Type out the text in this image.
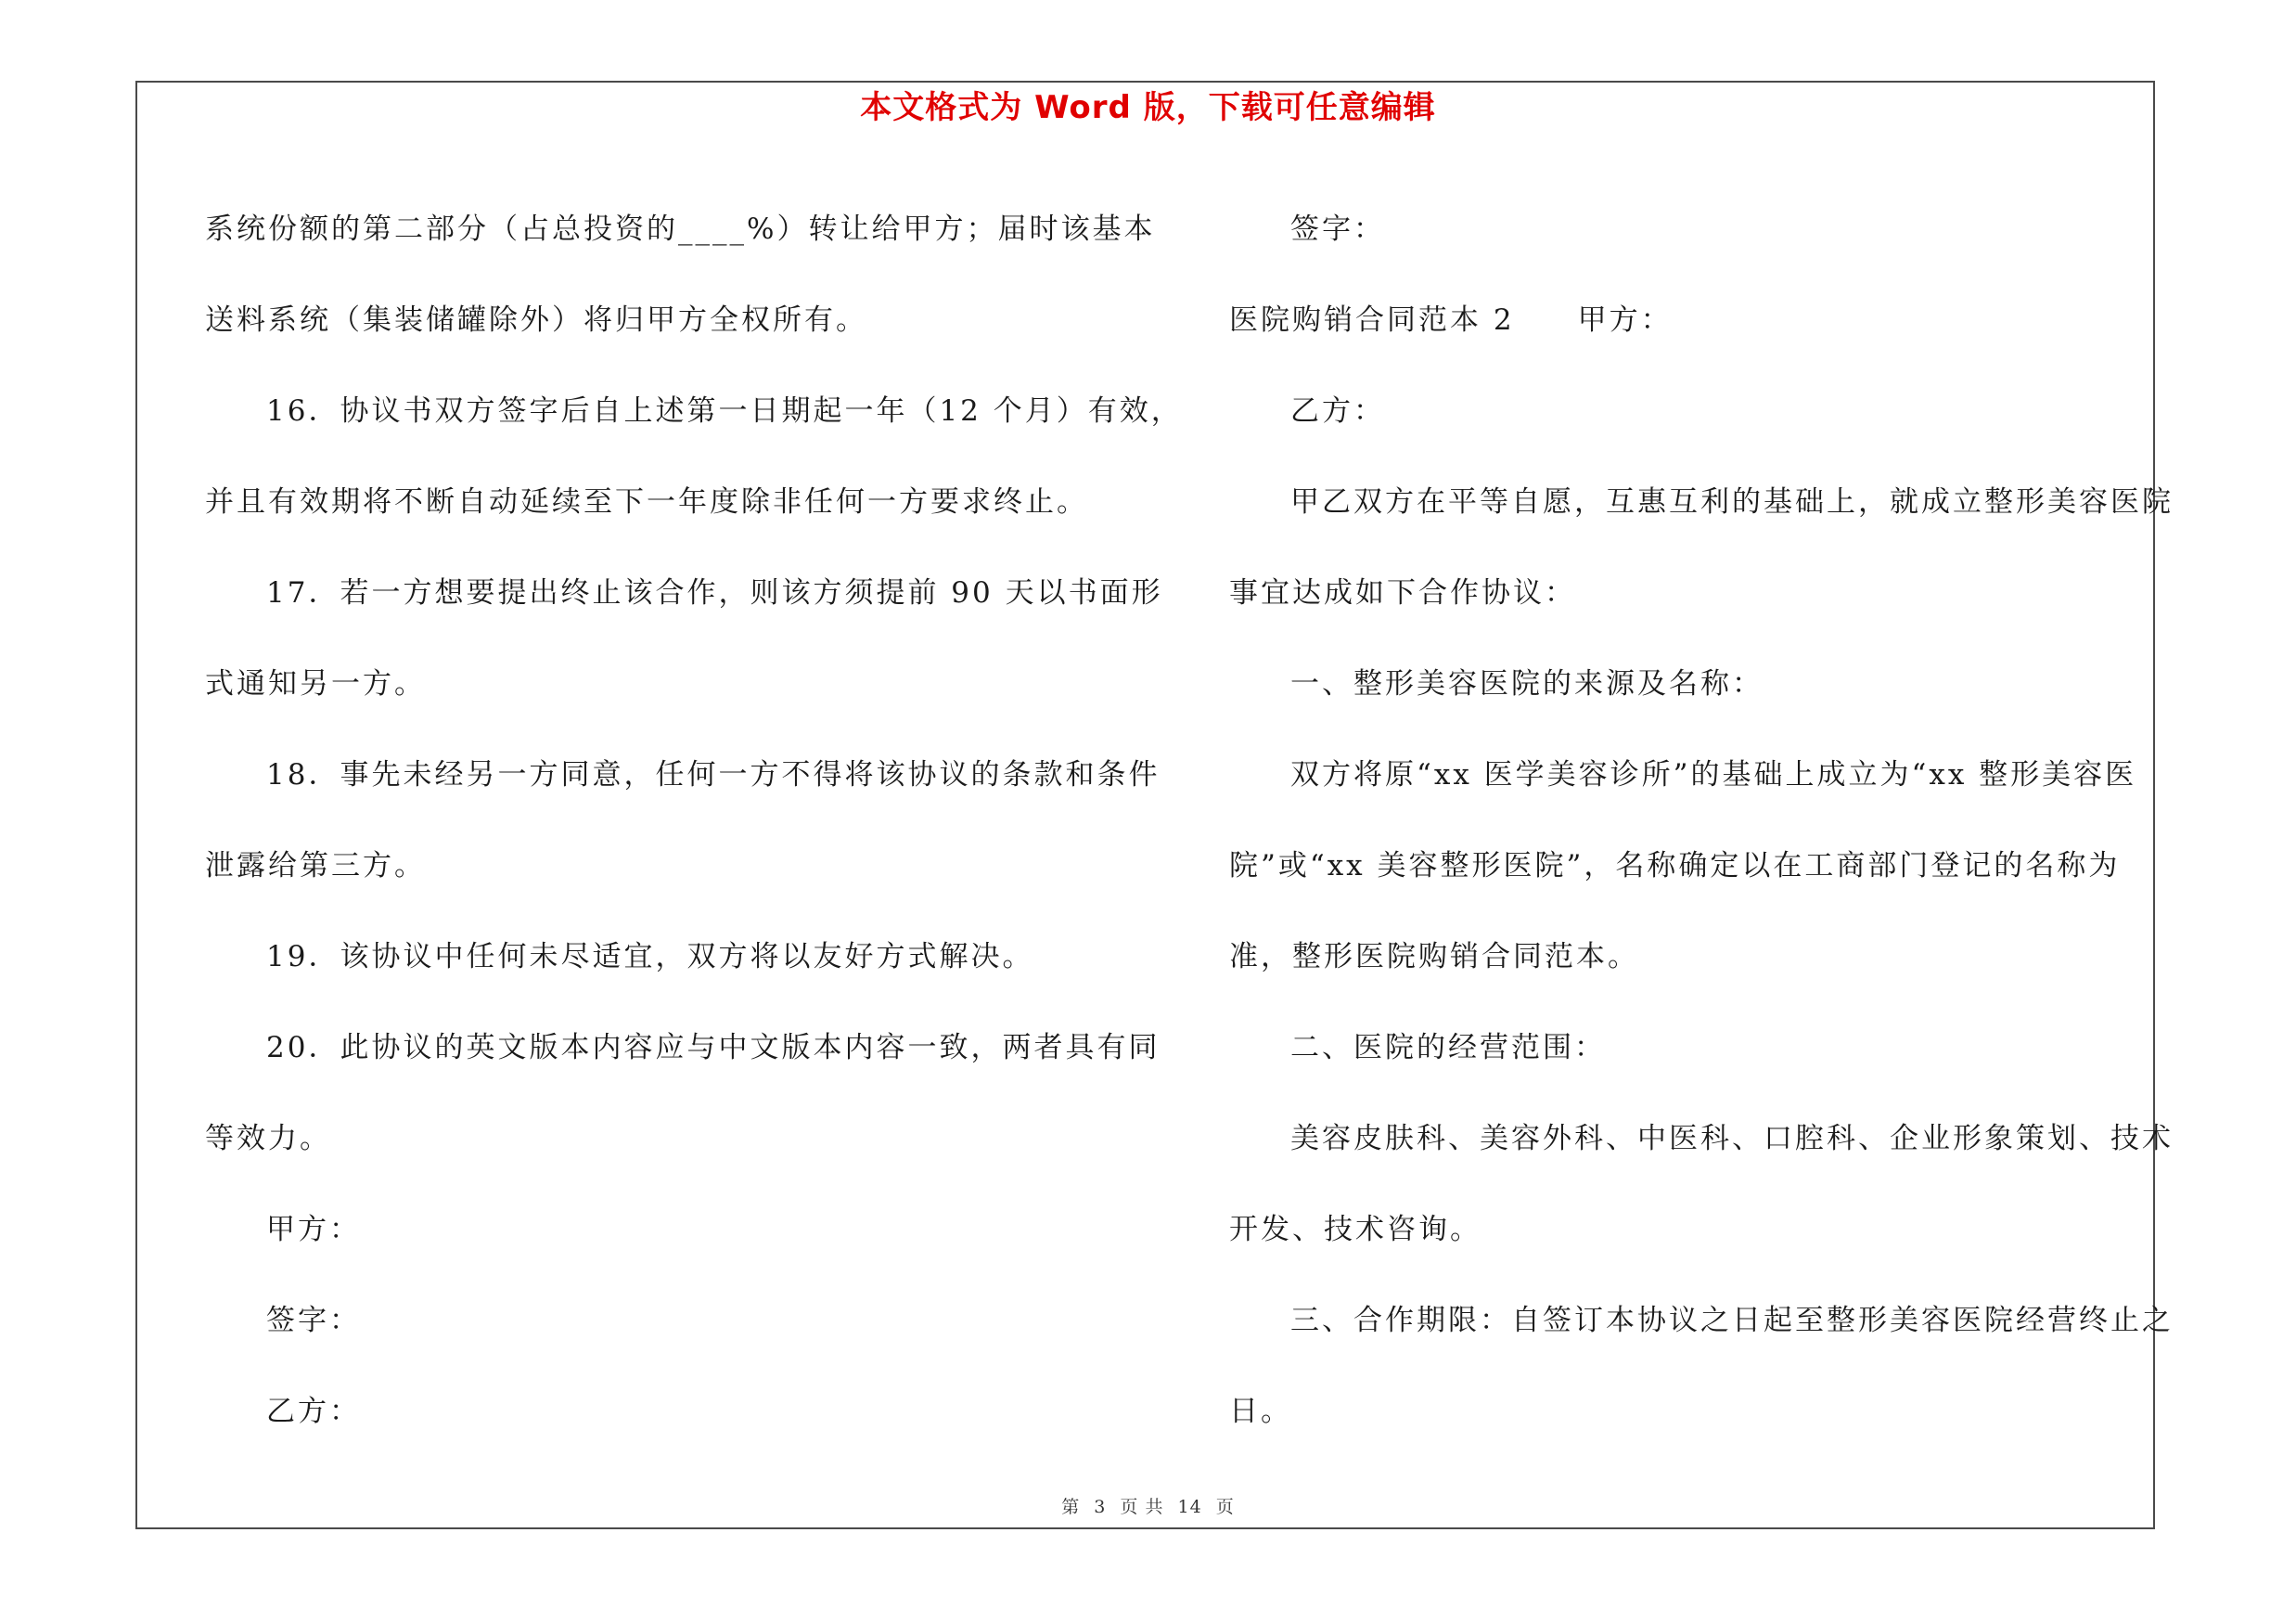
本文格式为 Word 版，下载可任意编辑

系统份额的第二部分（占总投资的____%）转让给甲方；届时该基本

送料系统（集装储罐除外）将归甲方全权所有。

16．协议书双方签字后自上述第一日期起一年（12 个月）有效，

并且有效期将不断自动延续至下一年度除非任何一方要求终止。

17．若一方想要提出终止该合作，则该方须提前 90 天以书面形

式通知另一方。

18．事先未经另一方同意，任何一方不得将该协议的条款和条件

泄露给第三方。

19．该协议中任何未尽适宜，双方将以友好方式解决。

20．此协议的英文版本内容应与中文版本内容一致，两者具有同

等效力。

甲方：

签字：

乙方：

签字：

医院购销合同范本 2　　甲方：

乙方：

甲乙双方在平等自愿，互惠互利的基础上，就成立整形美容医院

事宜达成如下合作协议：

一、整形美容医院的来源及名称：

双方将原“xx 医学美容诊所”的基础上成立为“xx 整形美容医

院”或“xx 美容整形医院”，名称确定以在工商部门登记的名称为

准，整形医院购销合同范本。

二、医院的经营范围：

美容皮肤科、美容外科、中医科、口腔科、企业形象策划、技术

开发、技术咨询。

三、合作期限：自签订本协议之日起至整形美容医院经营终止之

日。

第 3 页 共 14 页
